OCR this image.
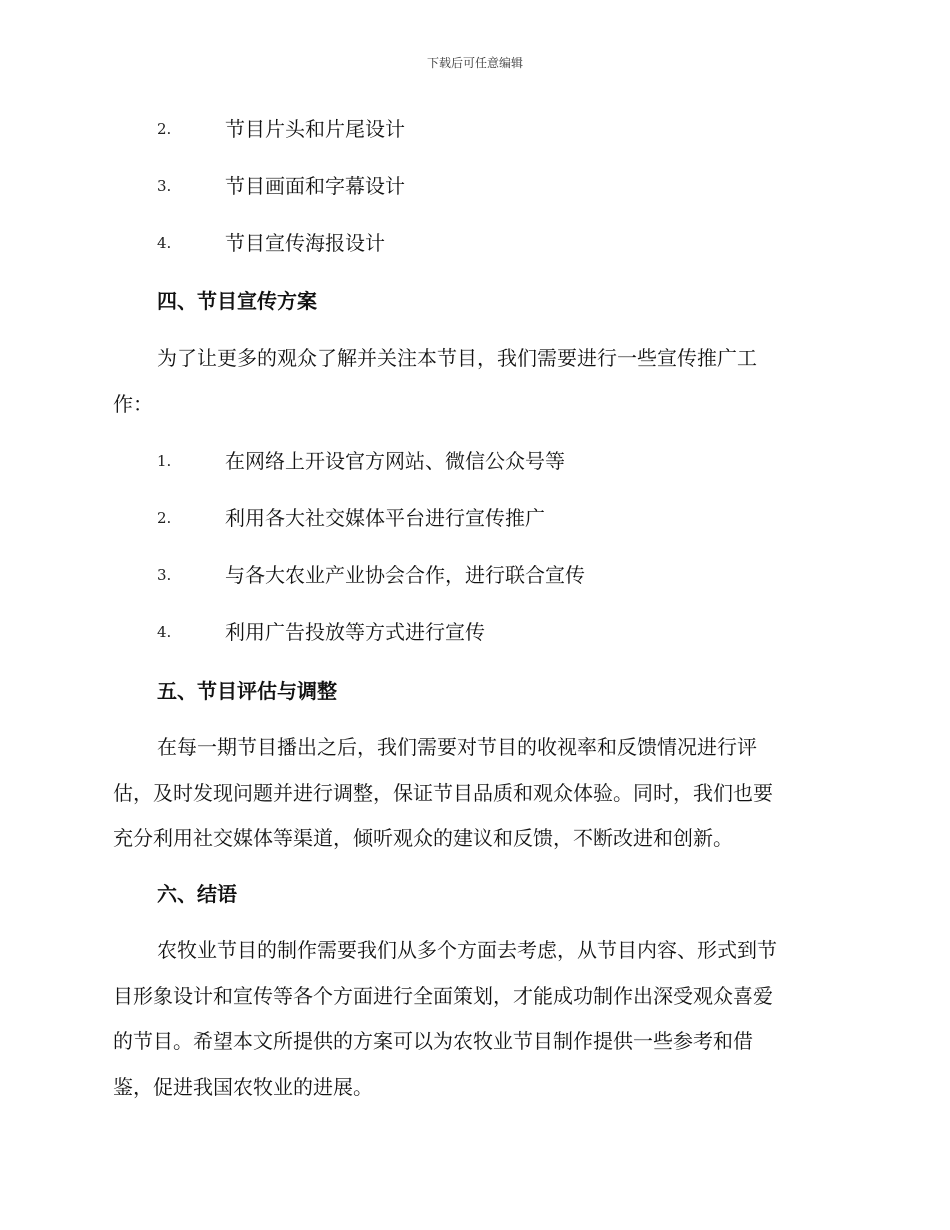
下载后可任意编辑
2.	节目片头和片尾设计
3.	节目画面和字幕设计
4.	节目宣传海报设计
四、节目宣传方案

为了让更多的观众了解并关注本节目，我们需要进行一些宣传推广工
作：

1.	在网络上开设官方网站、微信公众号等
2.	利用各大社交媒体平台进行宣传推广
3.	与各大农业产业协会合作，进行联合宣传
4.	利用广告投放等方式进行宣传
五、节目评估与调整

在每一期节目播出之后，我们需要对节目的收视率和反馈情况进行评
估，及时发现问题并进行调整，保证节目品质和观众体验。同时，我们也要
充分利用社交媒体等渠道，倾听观众的建议和反馈，不断改进和创新。

六、结语

农牧业节目的制作需要我们从多个方面去考虑，从节目内容、形式到节
目形象设计和宣传等各个方面进行全面策划，才能成功制作出深受观众喜爱
的节目。希望本文所提供的方案可以为农牧业节目制作提供一些参考和借
鉴，促进我国农牧业的进展。
